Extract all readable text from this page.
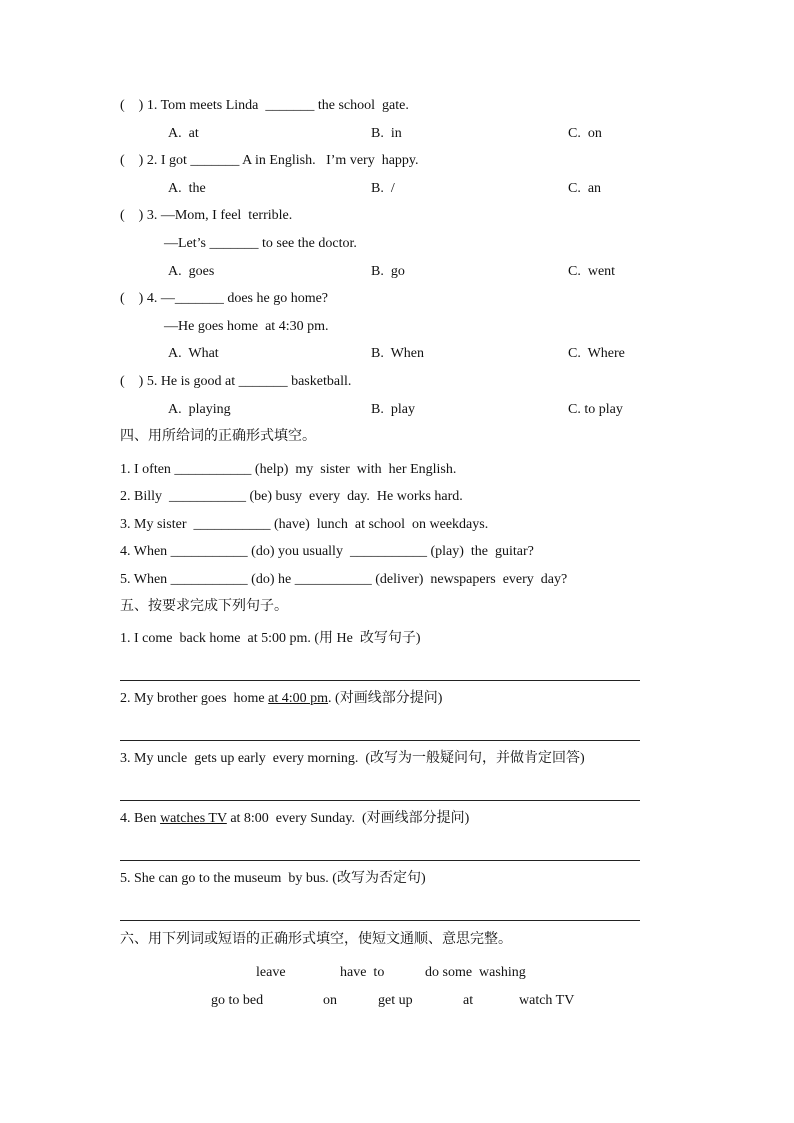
(    ) 1. Tom meets Linda  _______ the school  gate.
A.  at	B.  in	C.  on
(    ) 2. I got _______ A in English.   I’m very  happy.
A.  the	B.  /	C.  an
(    ) 3. —Mom, I feel  terrible.
—Let’s _______ to see the doctor.
A.  goes	B.  go	C.  went
(    ) 4. —_______ does he go home?
—He goes home  at 4:30 pm.
A.  What	B.  When	C.  Where
(    ) 5. He is good at _______ basketball.
A.  playing	B.  play	C. to play
四、用所给词的正确形式填空。
1. I often ___________ (help)  my  sister  with  her English.
2. Billy  ___________ (be) busy  every  day.  He works hard.
3. My sister  ___________ (have)  lunch  at school  on weekdays.
4. When ___________ (do) you usually  ___________ (play)  the  guitar?
5. When ___________ (do) he ___________ (deliver)  newspapers  every  day?
五、按要求完成下列句子。
1. I come  back home  at 5:00 pm. (用 He  改写句子)
2. My brother goes  home at 4:00 pm. (对画线部分提问)
3. My uncle  gets up early  every morning.  (改写为一般疑问句，并做肯定回答)
4. Ben watches TV at 8:00  every Sunday.  (对画线部分提问)
5. She can go to the museum  by bus. (改写为否定句)
六、用下列词或短语的正确形式填空，使短文通顺、意思完整。
leave	have  to	do some  washing
go to bed	on	get up	at	watch TV
